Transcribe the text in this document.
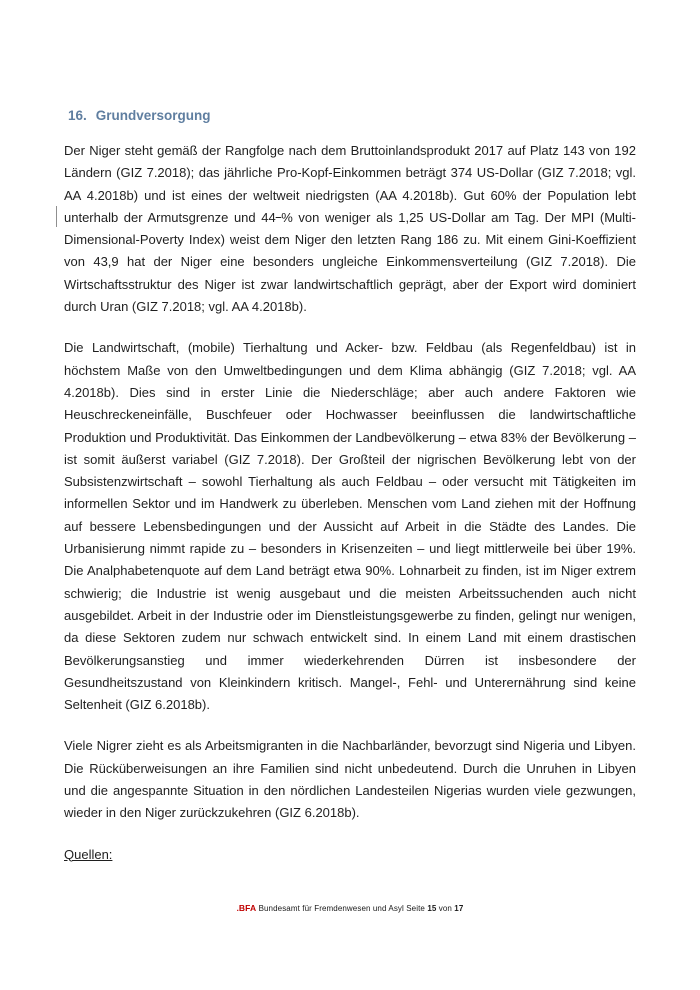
16. Grundversorgung

Der Niger steht gemäß der Rangfolge nach dem Bruttoinlandsprodukt 2017 auf Platz 143 von 192 Ländern (GIZ 7.2018); das jährliche Pro-Kopf-Einkommen beträgt 374 US-Dollar (GIZ 7.2018; vgl. AA 4.2018b) und ist eines der weltweit niedrigsten (AA 4.2018b). Gut 60% der Population lebt unterhalb der Armutsgrenze und 44 % von weniger als 1,25 US-Dollar am Tag. Der MPI (Multi-Dimensional-Poverty Index) weist dem Niger den letzten Rang 186 zu. Mit einem Gini-Koeffizient von 43,9 hat der Niger eine besonders ungleiche Einkommensverteilung (GIZ 7.2018). Die Wirtschaftsstruktur des Niger ist zwar landwirtschaftlich geprägt, aber der Export wird dominiert durch Uran (GIZ 7.2018; vgl. AA 4.2018b).

Die Landwirtschaft, (mobile) Tierhaltung und Acker- bzw. Feldbau (als Regenfeldbau) ist in höchstem Maße von den Umweltbedingungen und dem Klima abhängig (GIZ 7.2018; vgl. AA 4.2018b). Dies sind in erster Linie die Niederschläge; aber auch andere Faktoren wie Heuschreckeneinfälle, Buschfeuer oder Hochwasser beeinflussen die landwirtschaftliche Produktion und Produktivität. Das Einkommen der Landbevölkerung – etwa 83% der Bevölkerung – ist somit äußerst variabel (GIZ 7.2018). Der Großteil der nigrischen Bevölkerung lebt von der Subsistenzwirtschaft – sowohl Tierhaltung als auch Feldbau – oder versucht mit Tätigkeiten im informellen Sektor und im Handwerk zu überleben. Menschen vom Land ziehen mit der Hoffnung auf bessere Lebensbedingungen und der Aussicht auf Arbeit in die Städte des Landes. Die Urbanisierung nimmt rapide zu – besonders in Krisenzeiten – und liegt mittlerweile bei über 19%. Die Analphabetenquote auf dem Land beträgt etwa 90%. Lohnarbeit zu finden, ist im Niger extrem schwierig; die Industrie ist wenig ausgebaut und die meisten Arbeitssuchenden auch nicht ausgebildet. Arbeit in der Industrie oder im Dienstleistungsgewerbe zu finden, gelingt nur wenigen, da diese Sektoren zudem nur schwach entwickelt sind. In einem Land mit einem drastischen Bevölkerungsanstieg und immer wiederkehrenden Dürren ist insbesondere der Gesundheitszustand von Kleinkindern kritisch. Mangel-, Fehl- und Unterernährung sind keine Seltenheit (GIZ 6.2018b).

Viele Nigrer zieht es als Arbeitsmigranten in die Nachbarländer, bevorzugt sind Nigeria und Libyen. Die Rücküberweisungen an ihre Familien sind nicht unbedeutend. Durch die Unruhen in Libyen und die angespannte Situation in den nördlichen Landesteilen Nigerias wurden viele gezwungen, wieder in den Niger zurückzukehren (GIZ 6.2018b).

Quellen:
.BFA Bundesamt für Fremdenwesen und Asyl Seite 15 von 17
